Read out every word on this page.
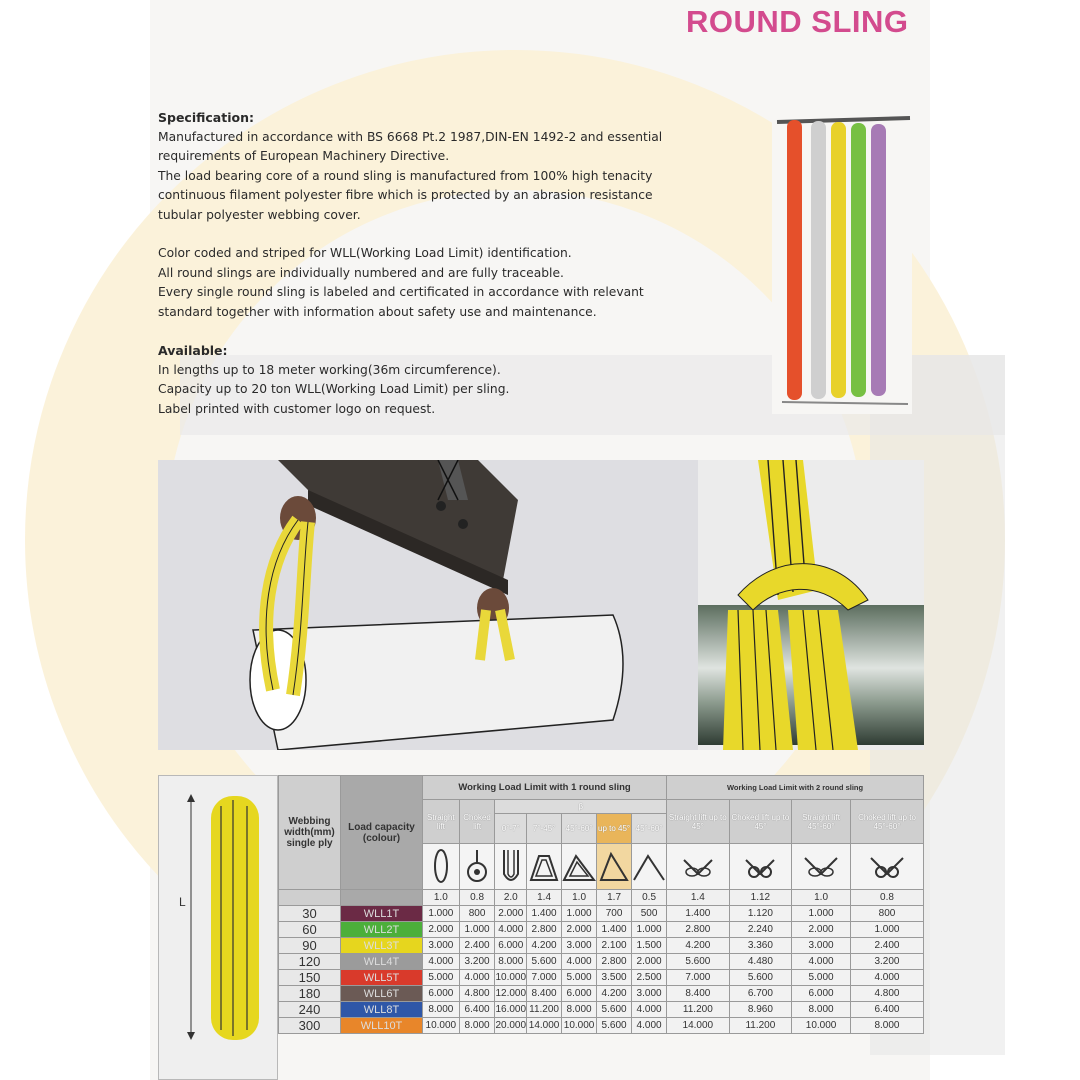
ROUND SLING
Specification:
Manufactured in accordance with BS 6668 Pt.2 1987,DIN-EN 1492-2 and essential
requirements of European Machinery Directive.
The load bearing core of a round sling is manufactured from 100% high tenacity
continuous filament polyester fibre which is protected by an abrasion resistance
tubular polyester webbing cover.
Color coded and striped for WLL(Working Load Limit) identification.
All round slings are individually numbered and are fully traceable.
Every single round sling is labeled and certificated in accordance with relevant
standard together with information about safety use and maintenance.
Available:
In lengths up to 18 meter working(36m circumference).
Capacity up to 20 ton WLL(Working Load Limit) per sling.
Label printed with customer logo on request.
L
Webbing width(mm) single ply	Load capacity (colour)	Working Load Limit with 1 round sling							Working Load Limit with 2 round sling			
		Straight lift	Choked lift	β					Straight lift up to 45°	Choked lift up to 45°	Straight lift 45°-60°	Choked lift up to 45°-60°
				0°-7°	7°-45°	45°-60°	up to 45°	45°-60°				

		1.0	0.8	2.0	1.4	1.0	1.7	0.5	1.4	1.12	1.0	0.8
30	WLL1T	1.000	800	2.000	1.400	1.000	700	500	1.400	1.120	1.000	800
60	WLL2T	2.000	1.000	4.000	2.800	2.000	1.400	1.000	2.800	2.240	2.000	1.000
90	WLL3T	3.000	2.400	6.000	4.200	3.000	2.100	1.500	4.200	3.360	3.000	2.400
120	WLL4T	4.000	3.200	8.000	5.600	4.000	2.800	2.000	5.600	4.480	4.000	3.200
150	WLL5T	5.000	4.000	10.000	7.000	5.000	3.500	2.500	7.000	5.600	5.000	4.000
180	WLL6T	6.000	4.800	12.000	8.400	6.000	4.200	3.000	8.400	6.700	6.000	4.800
240	WLL8T	8.000	6.400	16.000	11.200	8.000	5.600	4.000	11.200	8.960	8.000	6.400
300	WLL10T	10.000	8.000	20.000	14.000	10.000	5.600	4.000	14.000	11.200	10.000	8.000
